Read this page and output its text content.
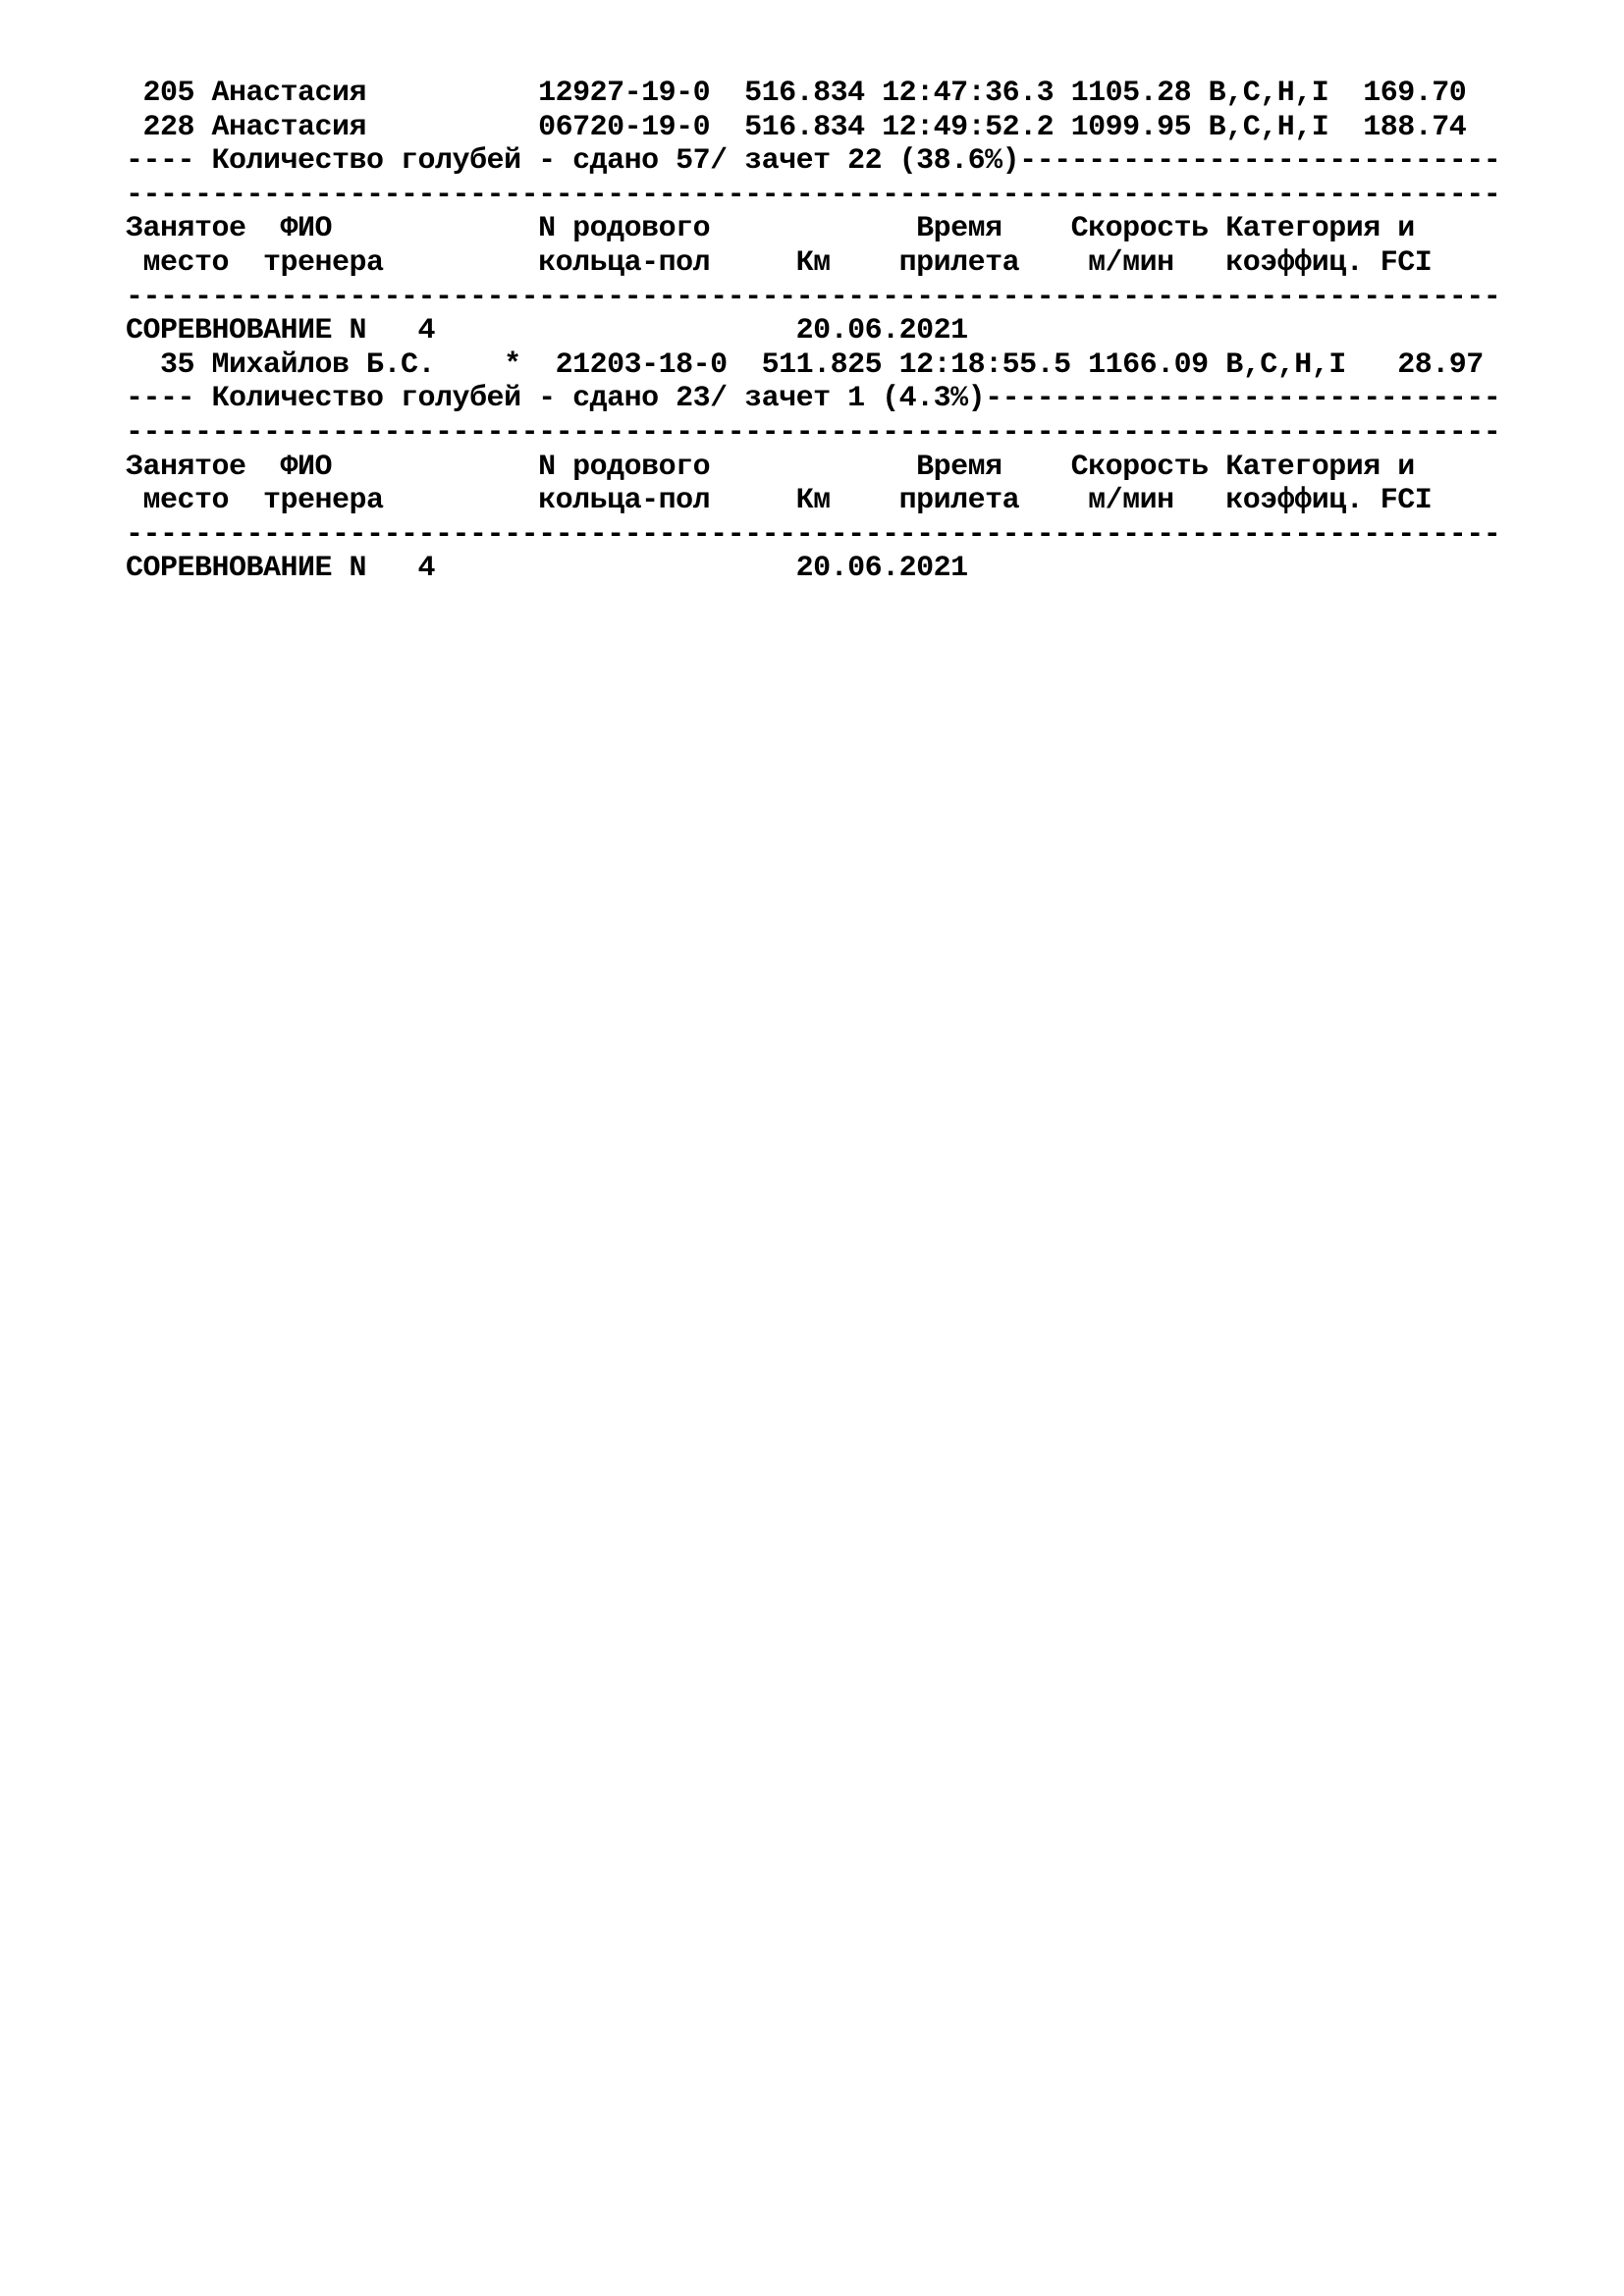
205 Анастасия          12927-19-0  516.834 12:47:36.3 1105.28 B,C,H,I  169.70
228 Анастасия          06720-19-0  516.834 12:49:52.2 1099.95 B,C,H,I  188.74
---- Количество голубей - сдано 57/ зачет 22 (38.6%)----------------------------
--------------------------------------------------------------------------------
Занятое  ФИО            N родового            Время    Скорость Категория и
место  тренера         кольца-пол     Км    прилета    м/мин   коэффиц. FCI
--------------------------------------------------------------------------------
СОРЕВНОВАНИЕ N   4                     20.06.2021
35 Михайлов Б.С.    *  21203-18-0  511.825 12:18:55.5 1166.09 B,C,H,I   28.97
---- Количество голубей - сдано 23/ зачет 1 (4.3%)------------------------------
--------------------------------------------------------------------------------
Занятое  ФИО            N родового            Время    Скорость Категория и
место  тренера         кольца-пол     Км    прилета    м/мин   коэффиц. FCI
--------------------------------------------------------------------------------
СОРЕВНОВАНИЕ N   4                     20.06.2021
